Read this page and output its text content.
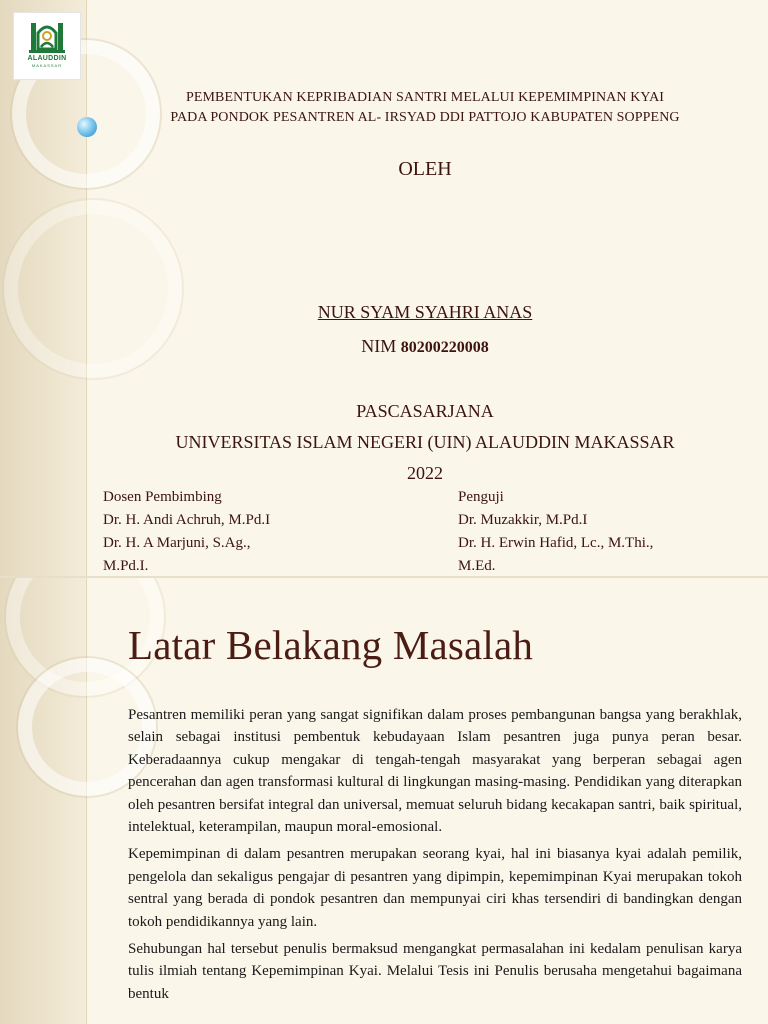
ALAUDDIN
MAKASSAR
PEMBENTUKAN KEPRIBADIAN SANTRI MELALUI KEPEMIMPINAN KYAI
PADA PONDOK PESANTREN AL- IRSYAD DDI PATTOJO KABUPATEN SOPPENG
OLEH
NUR SYAM SYAHRI ANAS
NIM 80200220008
PASCASARJANA
UNIVERSITAS ISLAM NEGERI (UIN) ALAUDDIN MAKASSAR
2022
Dosen Pembimbing
Dr. H. Andi Achruh, M.Pd.I
Dr. H. A Marjuni, S.Ag.,
M.Pd.I.
Penguji
Dr. Muzakkir, M.Pd.I
Dr. H. Erwin Hafid, Lc., M.Thi.,
M.Ed.
Latar Belakang Masalah

Pesantren memiliki peran yang sangat signifikan dalam proses pembangunan bangsa yang berakhlak, selain sebagai institusi pembentuk kebudayaan Islam pesantren juga punya peran besar. Keberadaannya cukup mengakar di tengah-tengah masyarakat yang berperan sebagai agen pencerahan dan agen transformasi kultural di lingkungan masing-masing. Pendidikan yang diterapkan oleh pesantren bersifat integral dan universal, memuat seluruh bidang kecakapan santri, baik spiritual, intelektual, keterampilan, maupun moral-emosional.

Kepemimpinan di dalam pesantren merupakan seorang kyai, hal ini biasanya kyai adalah pemilik, pengelola dan sekaligus pengajar di pesantren yang dipimpin, kepemimpinan Kyai merupakan tokoh sentral yang berada di pondok pesantren dan mempunyai ciri khas tersendiri di bandingkan dengan tokoh pendidikannya yang lain.

Sehubungan hal tersebut penulis bermaksud mengangkat permasalahan ini kedalam penulisan karya tulis ilmiah tentang Kepemimpinan Kyai. Melalui Tesis ini Penulis berusaha mengetahui bagaimana bentuk
